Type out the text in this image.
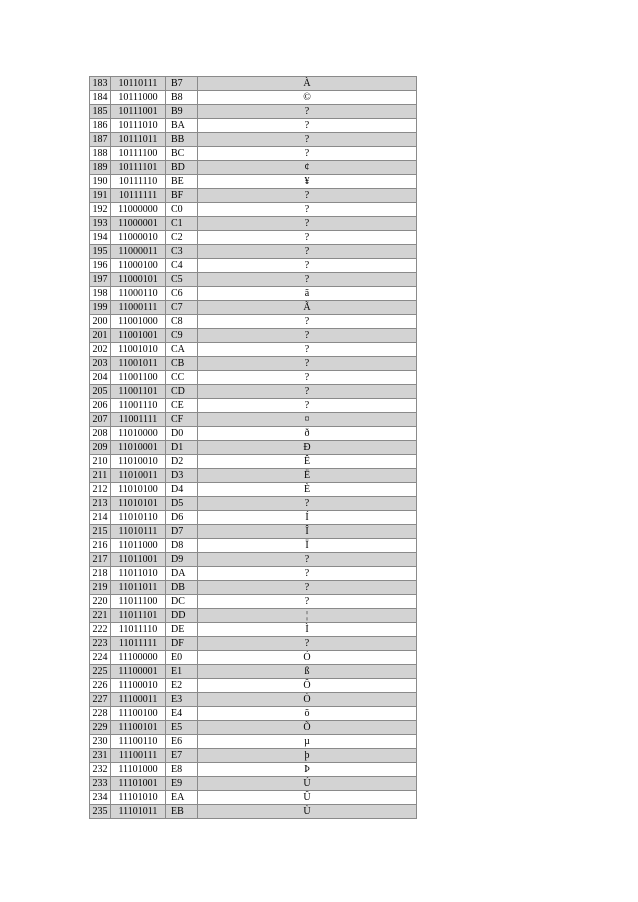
183	10110111	B7	À
184	10111000	B8	©
185	10111001	B9	?
186	10111010	BA	?
187	10111011	BB	?
188	10111100	BC	?
189	10111101	BD	¢
190	10111110	BE	¥
191	10111111	BF	?
192	11000000	C0	?
193	11000001	C1	?
194	11000010	C2	?
195	11000011	C3	?
196	11000100	C4	?
197	11000101	C5	?
198	11000110	C6	ã
199	11000111	C7	Ã
200	11001000	C8	?
201	11001001	C9	?
202	11001010	CA	?
203	11001011	CB	?
204	11001100	CC	?
205	11001101	CD	?
206	11001110	CE	?
207	11001111	CF	¤
208	11010000	D0	ð
209	11010001	D1	Ð
210	11010010	D2	Ê
211	11010011	D3	Ë
212	11010100	D4	È
213	11010101	D5	?
214	11010110	D6	Í
215	11010111	D7	Î
216	11011000	D8	Ï
217	11011001	D9	?
218	11011010	DA	?
219	11011011	DB	?
220	11011100	DC	?
221	11011101	DD	¦
222	11011110	DE	Ì
223	11011111	DF	?
224	11100000	E0	Ó
225	11100001	E1	ß
226	11100010	E2	Ô
227	11100011	E3	Ò
228	11100100	E4	õ
229	11100101	E5	Õ
230	11100110	E6	µ
231	11100111	E7	þ
232	11101000	E8	Þ
233	11101001	E9	Ú
234	11101010	EA	Û
235	11101011	EB	Ù
